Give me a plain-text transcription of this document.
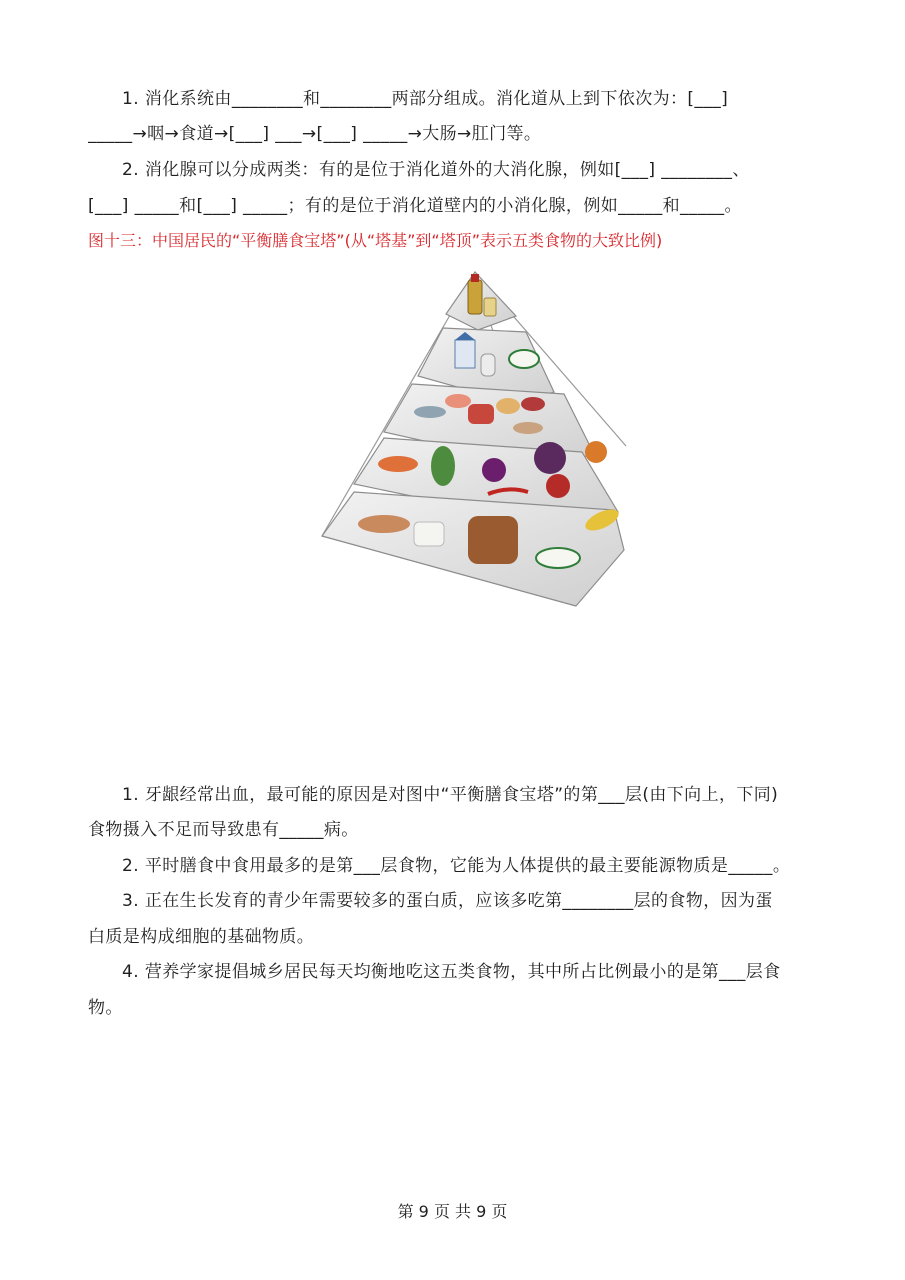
1. 消化系统由________和________两部分组成。消化道从上到下依次为：[___]
_____→咽→食道→[___] ___→[___] _____→大肠→肛门等。
2. 消化腺可以分成两类：有的是位于消化道外的大消化腺，例如[___] ________、
[___] _____和[___] _____；有的是位于消化道壁内的小消化腺，例如_____和_____。
图十三：中国居民的“平衡膳食宝塔”(从“塔基”到“塔顶”表示五类食物的大致比例)
1. 牙龈经常出血，最可能的原因是对图中“平衡膳食宝塔”的第___层(由下向上，下同)
食物摄入不足而导致患有_____病。
2. 平时膳食中食用最多的是第___层食物，它能为人体提供的最主要能源物质是_____。
3. 正在生长发育的青少年需要较多的蛋白质，应该多吃第________层的食物，因为蛋
白质是构成细胞的基础物质。
4. 营养学家提倡城乡居民每天均衡地吃这五类食物，其中所占比例最小的是第___层食
物。
第 9 页 共 9 页
